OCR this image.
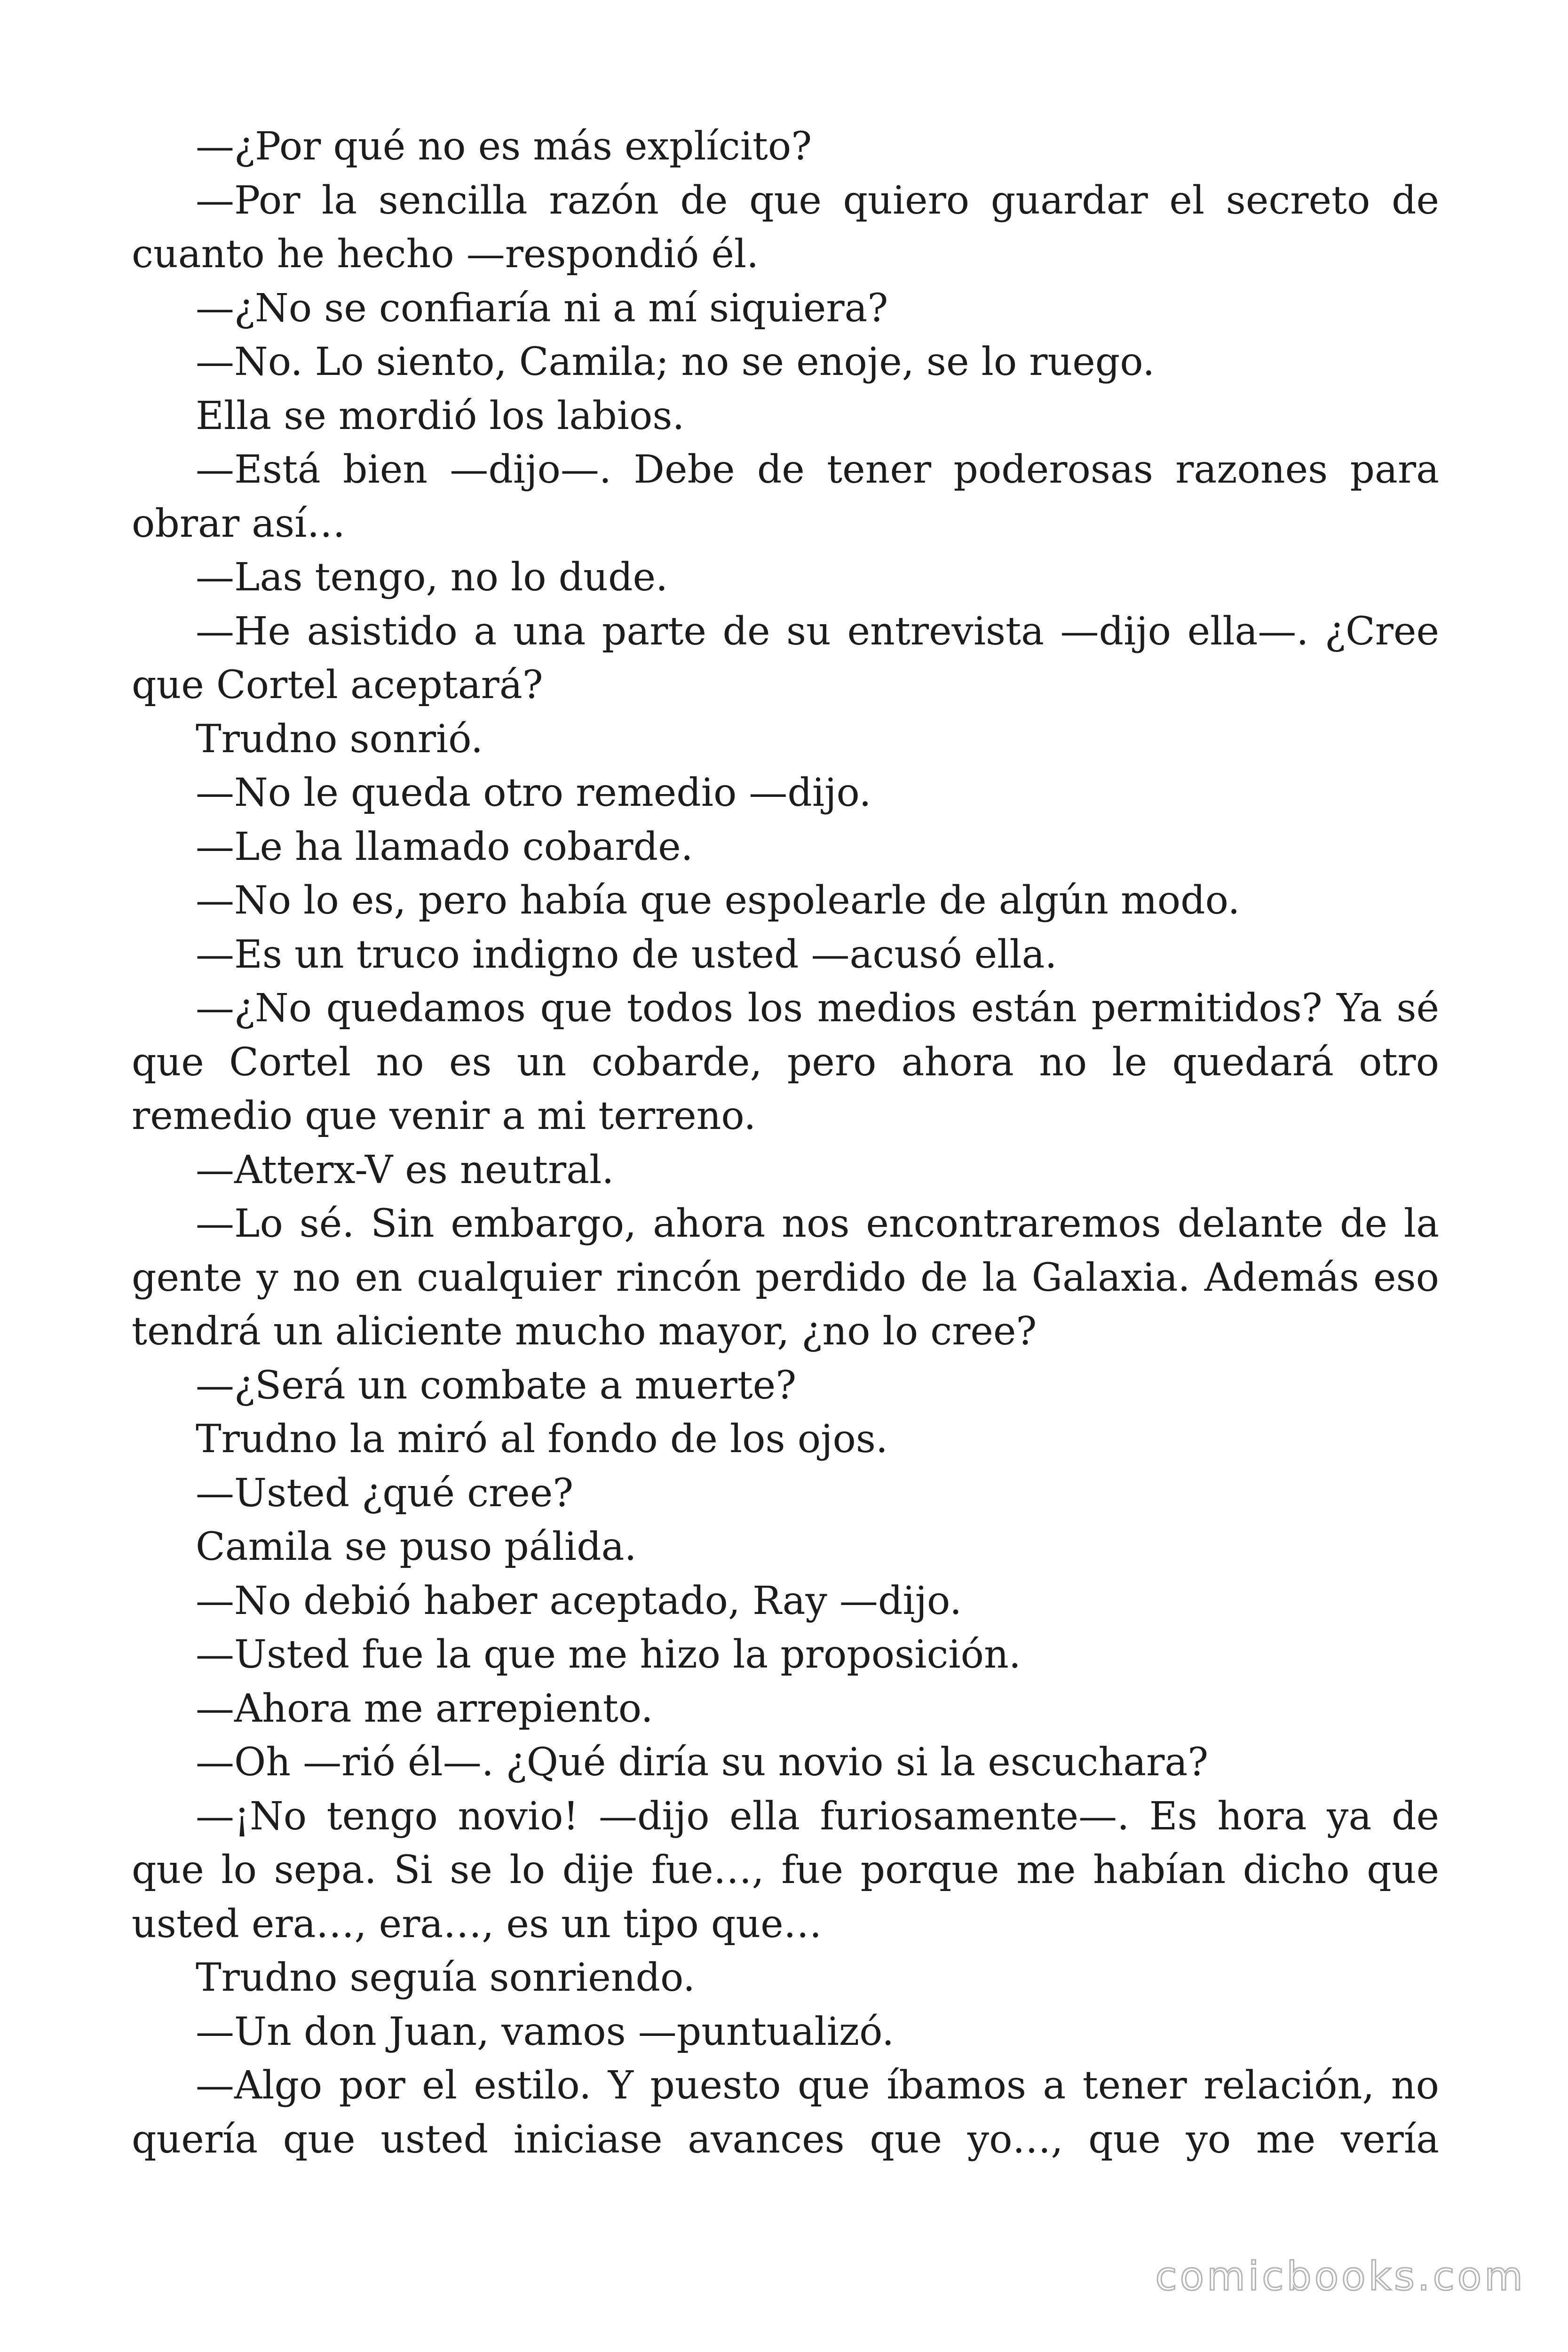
—¿Por qué no es más explícito?

—Por la sencilla razón de que quiero guardar el secreto de cuanto he hecho —respondió él.

—¿No se confiaría ni a mí siquiera?

—No. Lo siento, Camila; no se enoje, se lo ruego.

Ella se mordió los labios.

—Está bien —dijo—. Debe de tener poderosas razones para obrar así…

—Las tengo, no lo dude.

—He asistido a una parte de su entrevista —dijo ella—. ¿Cree que Cortel aceptará?

Trudno sonrió.

—No le queda otro remedio —dijo.

—Le ha llamado cobarde.

—No lo es, pero había que espolearle de algún modo.

—Es un truco indigno de usted —acusó ella.

—¿No quedamos que todos los medios están permitidos? Ya sé que Cortel no es un cobarde, pero ahora no le quedará otro remedio que venir a mi terreno.

—Atterx-V es neutral.

—Lo sé. Sin embargo, ahora nos encontraremos delante de la gente y no en cualquier rincón perdido de la Galaxia. Además eso tendrá un aliciente mucho mayor, ¿no lo cree?

—¿Será un combate a muerte?

Trudno la miró al fondo de los ojos.

—Usted ¿qué cree?

Camila se puso pálida.

—No debió haber aceptado, Ray —dijo.

—Usted fue la que me hizo la proposición.

—Ahora me arrepiento.

—Oh —rió él—. ¿Qué diría su novio si la escuchara?

—¡No tengo novio! —dijo ella furiosamente—. Es hora ya de que lo sepa. Si se lo dije fue…, fue porque me habían dicho que usted era…, era…, es un tipo que…

Trudno seguía sonriendo.

—Un don Juan, vamos —puntualizó.

—Algo por el estilo. Y puesto que íbamos a tener relación, no quería que usted iniciase avances que yo…, que yo me vería

comicbooks.com
